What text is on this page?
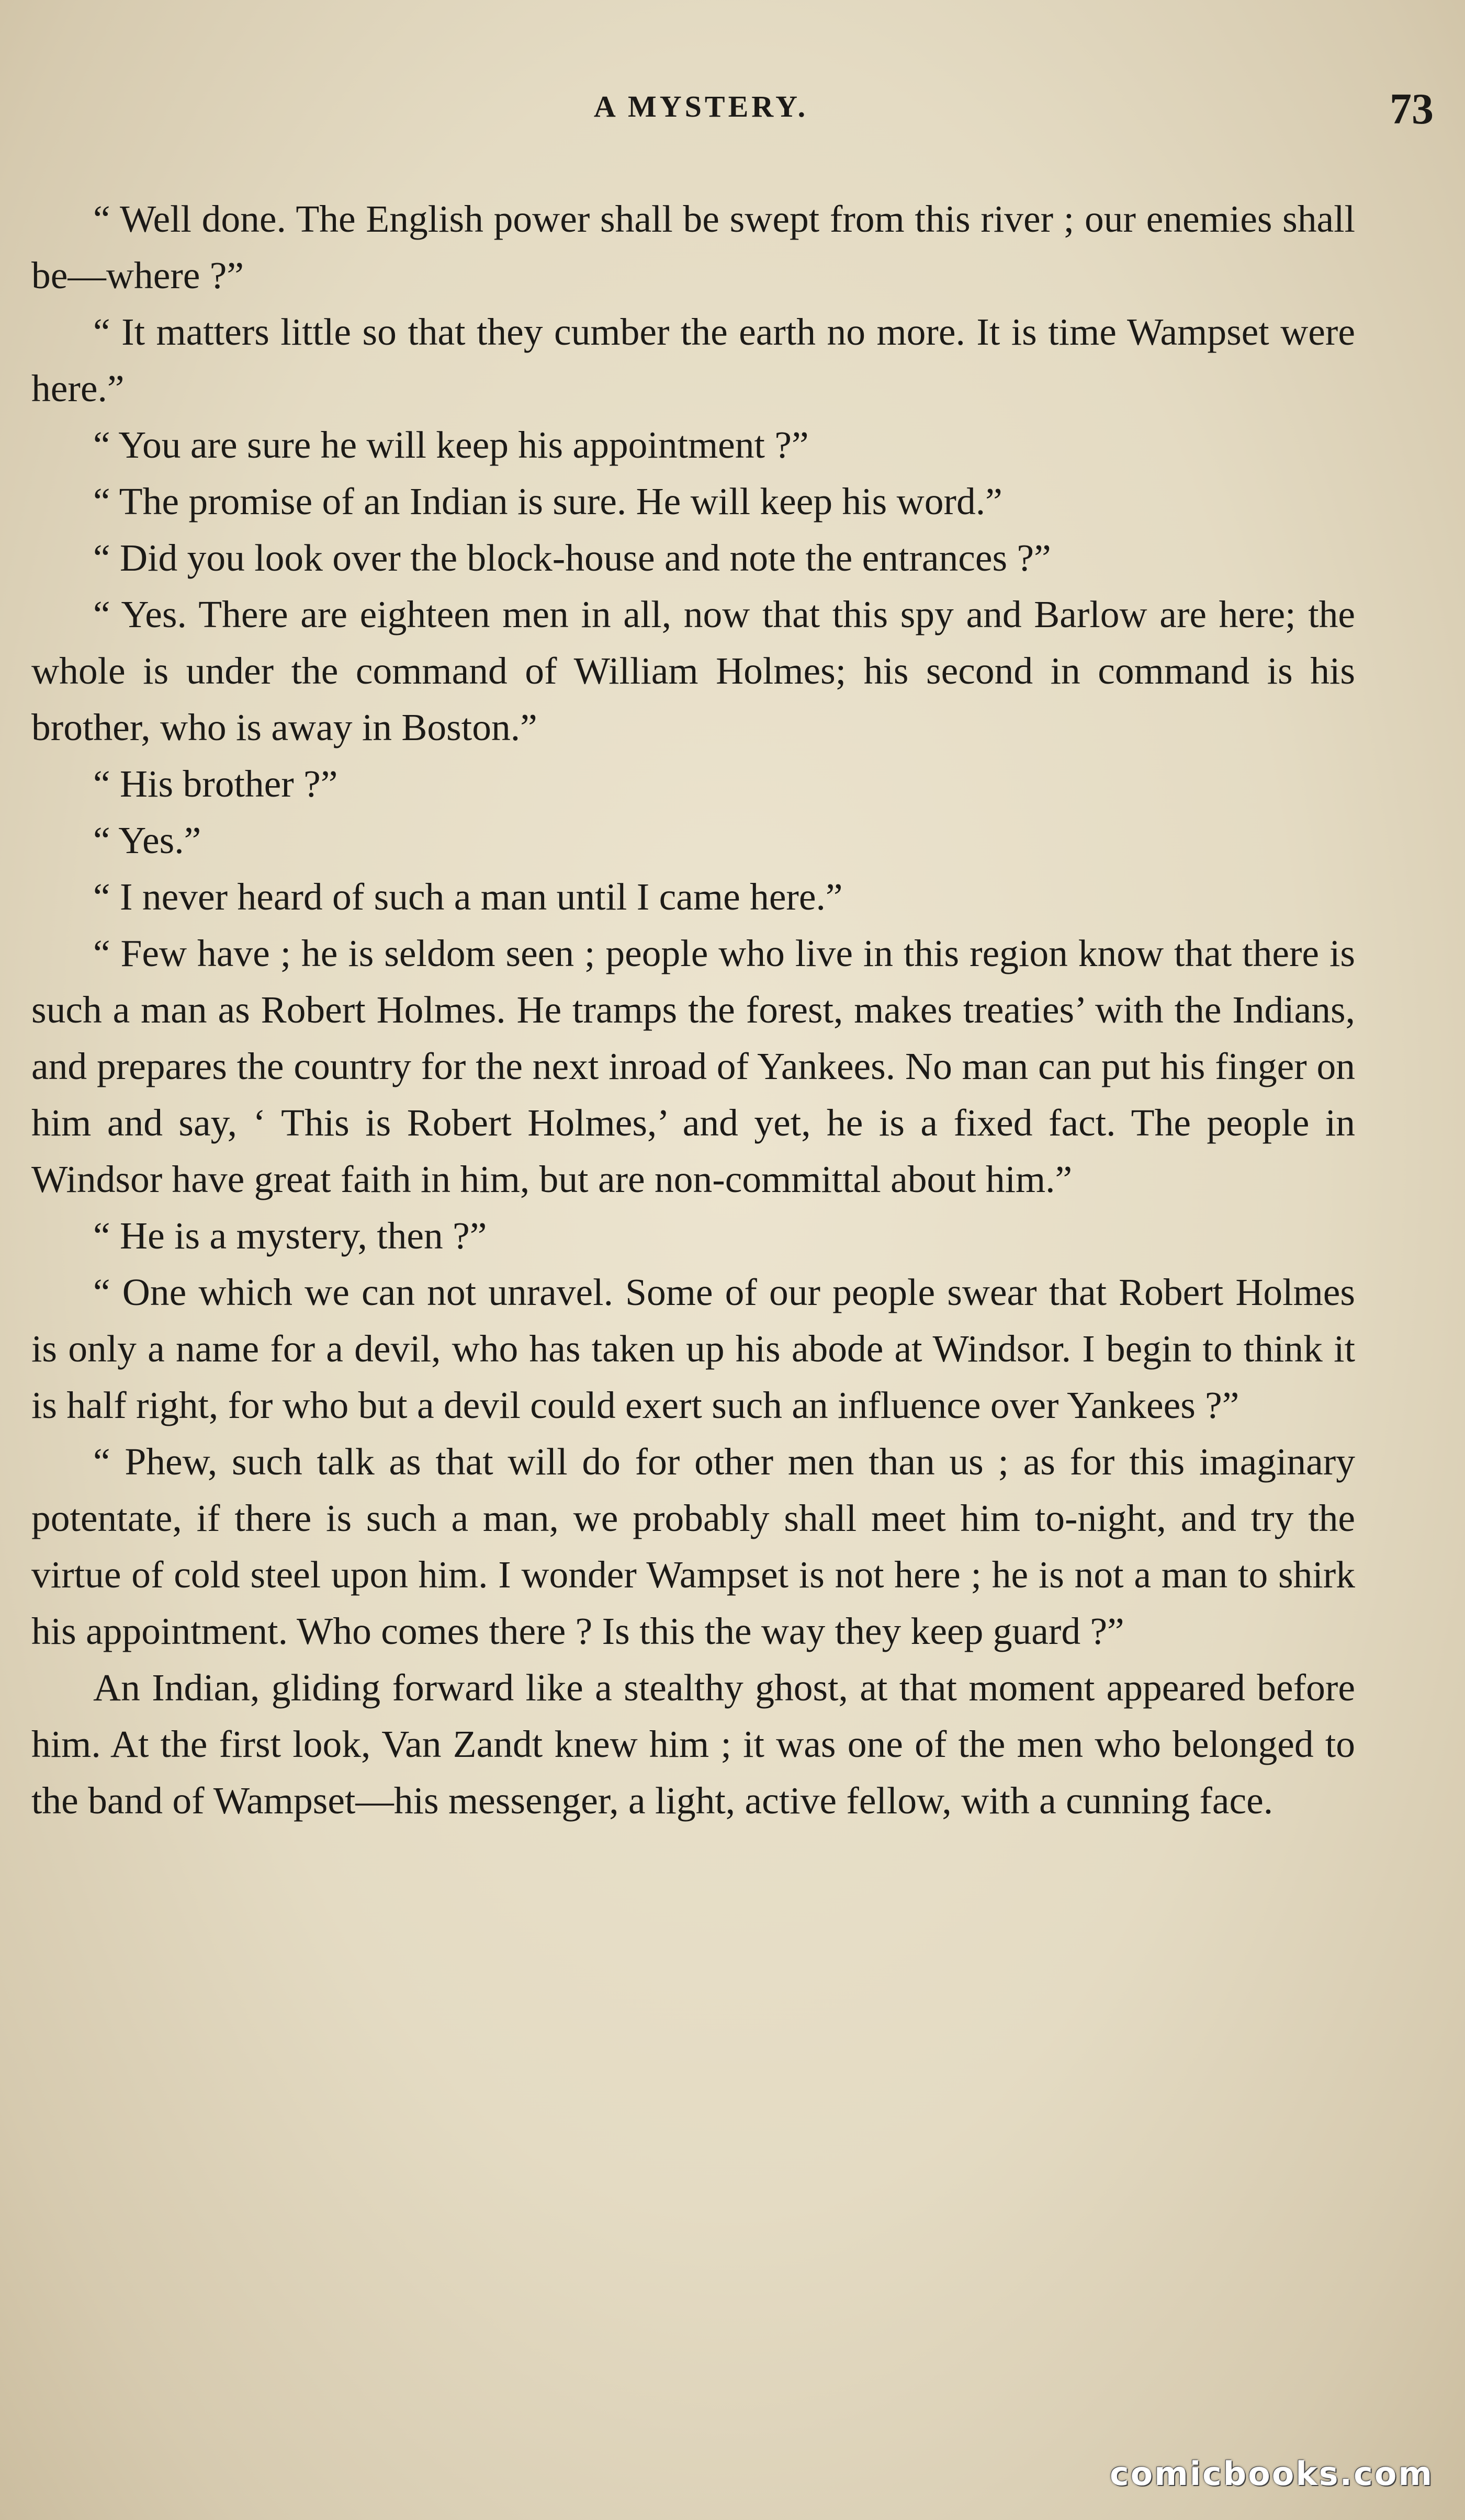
A MYSTERY.	73

“ Well done. The English power shall be swept from this river ; our enemies shall be—where ?”

“ It matters little so that they cumber the earth no more. It is time Wampset were here.”

“ You are sure he will keep his appointment ?”

“ The promise of an Indian is sure. He will keep his word.”

“ Did you look over the block-house and note the entrances ?”

“ Yes. There are eighteen men in all, now that this spy and Barlow are here; the whole is under the command of William Holmes; his second in command is his brother, who is away in Boston.”

“ His brother ?”

“ Yes.”

“ I never heard of such a man until I came here.”

“ Few have ; he is seldom seen ; people who live in this region know that there is such a man as Robert Holmes. He tramps the forest, makes treaties’ with the Indians, and prepares the country for the next inroad of Yankees. No man can put his finger on him and say, ‘ This is Robert Holmes,’ and yet, he is a fixed fact. The people in Windsor have great faith in him, but are non-committal about him.”

“ He is a mystery, then ?”

“ One which we can not unravel. Some of our people swear that Robert Holmes is only a name for a devil, who has taken up his abode at Windsor. I begin to think it is half right, for who but a devil could exert such an influence over Yankees ?”

“ Phew, such talk as that will do for other men than us ; as for this imaginary potentate, if there is such a man, we probably shall meet him to-night, and try the virtue of cold steel upon him. I wonder Wampset is not here ; he is not a man to shirk his appointment. Who comes there ? Is this the way they keep guard ?”

An Indian, gliding forward like a stealthy ghost, at that moment appeared before him. At the first look, Van Zandt knew him ; it was one of the men who belonged to the band of Wampset—his messenger, a light, active fellow, with a cunning face.

comicbooks.com
